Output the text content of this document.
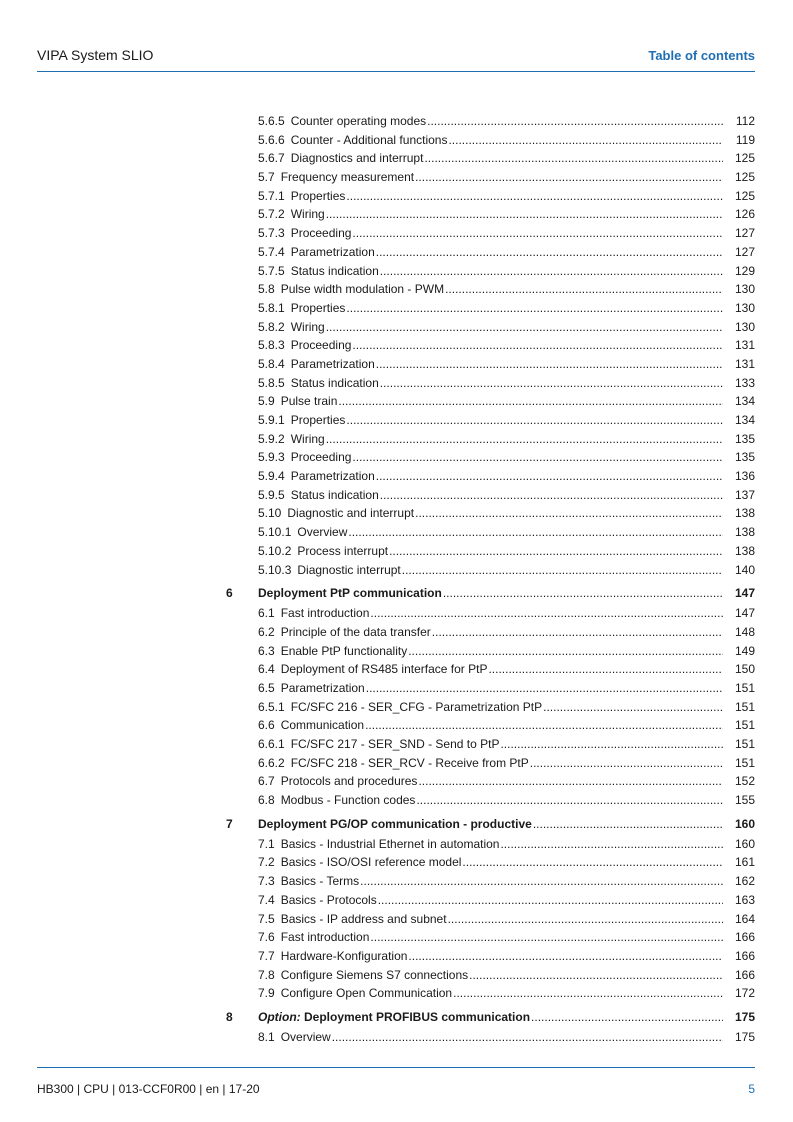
VIPA System SLIO	Table of contents
5.6.5  Counter operating modes .....	112
5.6.6  Counter - Additional functions .....	119
5.6.7  Diagnostics and interrupt .....	125
5.7  Frequency measurement .....	125
5.7.1  Properties .....	125
5.7.2  Wiring .....	126
5.7.3  Proceeding .....	127
5.7.4  Parametrization .....	127
5.7.5  Status indication .....	129
5.8  Pulse width modulation - PWM .....	130
5.8.1  Properties .....	130
5.8.2  Wiring .....	130
5.8.3  Proceeding .....	131
5.8.4  Parametrization .....	131
5.8.5  Status indication .....	133
5.9  Pulse train .....	134
5.9.1  Properties .....	134
5.9.2  Wiring .....	135
5.9.3  Proceeding .....	135
5.9.4  Parametrization .....	136
5.9.5  Status indication .....	137
5.10  Diagnostic and interrupt .....	138
5.10.1  Overview .....	138
5.10.2  Process interrupt .....	138
5.10.3  Diagnostic interrupt .....	140
6 Deployment PtP communication .....	147
6.1  Fast introduction .....	147
6.2  Principle of the data transfer .....	148
6.3  Enable PtP functionality .....	149
6.4  Deployment of RS485 interface for PtP .....	150
6.5  Parametrization .....	151
6.5.1  FC/SFC 216 - SER_CFG - Parametrization PtP .....	151
6.6  Communication .....	151
6.6.1  FC/SFC 217 - SER_SND - Send to PtP .....	151
6.6.2  FC/SFC 218 - SER_RCV - Receive from PtP .....	151
6.7  Protocols and procedures .....	152
6.8  Modbus - Function codes .....	155
7 Deployment PG/OP communication - productive .....	160
7.1  Basics - Industrial Ethernet in automation .....	160
7.2  Basics - ISO/OSI reference model .....	161
7.3  Basics - Terms .....	162
7.4  Basics - Protocols .....	163
7.5  Basics - IP address and subnet .....	164
7.6  Fast introduction .....	166
7.7  Hardware-Konfiguration .....	166
7.8  Configure Siemens S7 connections .....	166
7.9  Configure Open Communication .....	172
8 Option: Deployment PROFIBUS communication .....	175
8.1  Overview .....	175
HB300 | CPU | 013-CCF0R00 | en | 17-20	5
